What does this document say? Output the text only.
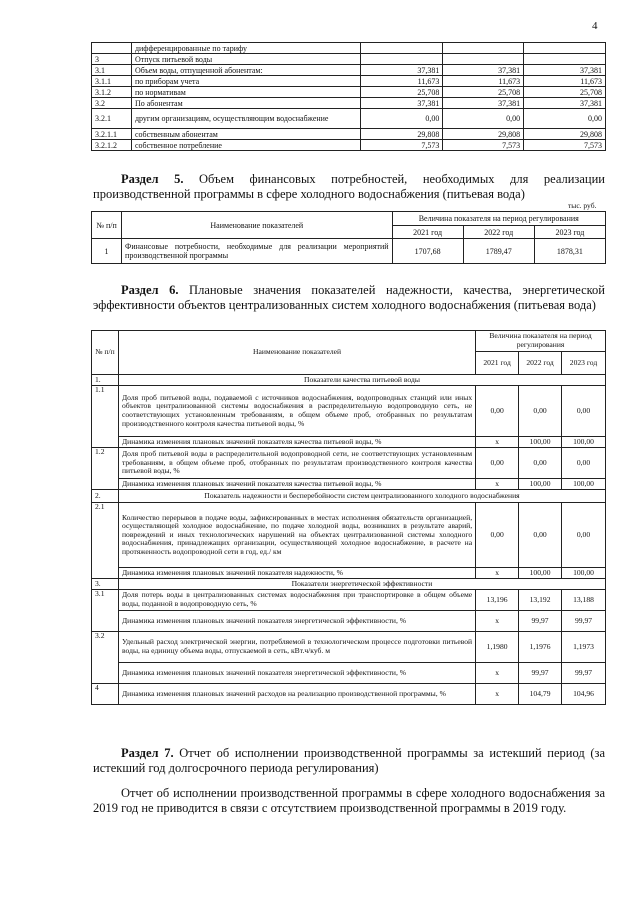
4
	дифференцированные по тарифу			
3	Отпуск питьевой воды			
3.1	Объем воды, отпущенной абонентам:	37,381	37,381	37,381
3.1.1	по приборам учета	11,673	11,673	11,673
3.1.2	по нормативам	25,708	25,708	25,708
3.2	По абонентам	37,381	37,381	37,381
3.2.1	другим организациям, осуществляющим водоснабжение	0,00	0,00	0,00
3.2.1.1	собственным абонентам	29,808	29,808	29,808
3.2.1.2	собственное потребление	7,573	7,573	7,573
Раздел 5. Объем финансовых потребностей, необходимых для реализации производственной программы в сфере холодного водоснабжения (питьевая вода)
тыс. руб.
№ п/п	Наименование показателей	Величина показателя на период регулирования		
		2021 год	2022 год	2023 год
1	Финансовые потребности, необходимые для реализации мероприятий производственной программы	1707,68	1789,47	1878,31
Раздел 6. Плановые значения показателей надежности, качества, энергетической эффективности объектов централизованных систем холодного водоснабжения (питьевая вода)
№ п/п	Наименование показателей	Величина показателя на период регулирования		
		2021 год	2022 год	2023 год
1.	Показатели качества питьевой воды			
1.1	Доля проб питьевой воды, подаваемой с источников водоснабжения, водопроводных станций или иных объектов централизованной системы водоснабжения в распределительную водопроводную сеть, не соответствующих установленным требованиям, в общем объеме проб, отобранных по результатам производственного контроля качества питьевой воды, %	0,00	0,00	0,00
	Динамика изменения плановых значений показателя качества питьевой воды, %	x	100,00	100,00
1.2	Доля проб питьевой воды в распределительной водопроводной сети, не соответствующих установленным требованиям, в общем объеме проб, отобранных по результатам производственного контроля качества питьевой воды, %	0,00	0,00	0,00
	Динамика изменения плановых значений показателя качества питьевой воды, %	x	100,00	100,00
2.	Показатель надежности и бесперебойности систем централизованного холодного водоснабжения			
2.1	Количество перерывов в подаче воды, зафиксированных в местах исполнения обязательств организацией, осуществляющей холодное водоснабжение, по подаче холодной воды, возникших в результате аварий, повреждений и иных технологических нарушений на объектах централизованной системы холодного водоснабжения, принадлежащих организации, осуществляющей холодное водоснабжение, в расчете на протяженность водопроводной сети в год, ед./ км	0,00	0,00	0,00
	Динамика изменения плановых значений показателя надежности, %	x	100,00	100,00
3.	Показатели энергетической эффективности			
3.1	Доля потерь воды в централизованных системах водоснабжения при транспортировке в общем объеме воды, поданной в водопроводную сеть, %	13,196	13,192	13,188
	Динамика изменения плановых значений показателя энергетической эффективности, %	x	99,97	99,97
3.2	Удельный расход электрической энергии, потребляемой в технологическом процессе подготовки питьевой воды, на единицу объема воды, отпускаемой в сеть, кВт.ч/куб. м	1,1980	1,1976	1,1973
	Динамика изменения плановых значений показателя энергетической эффективности, %	x	99,97	99,97
4	Динамика изменения плановых значений расходов на реализацию производственной программы, %	x	104,79	104,96
Раздел 7. Отчет об исполнении производственной программы за истекший период (за истекший год долгосрочного периода регулирования)
Отчет об исполнении производственной программы в сфере холодного водоснабжения за 2019 год не приводится в связи с отсутствием производственной программы в 2019 году.
